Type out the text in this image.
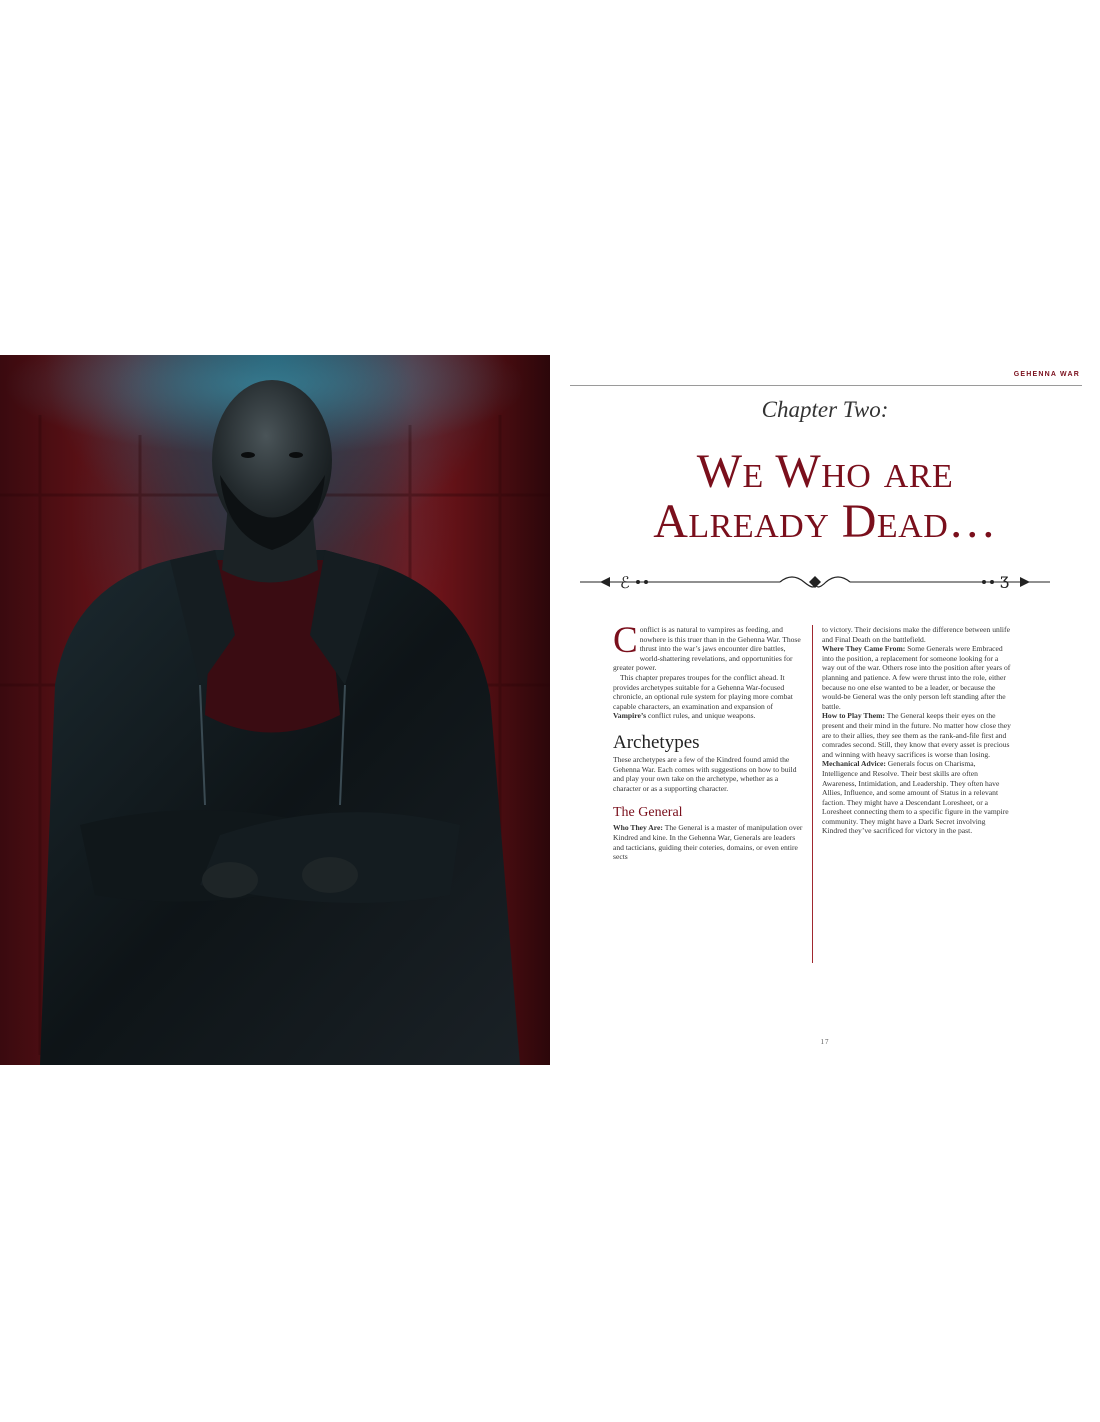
GEHENNA WAR
Chapter Two:
We Who are
Already Dead…
ℰ	Ʒ

Conflict is as natural to vampires as feeding, and nowhere is this truer than in the Gehenna War. Those thrust into the war’s jaws encounter dire battles, world-shattering revelations, and opportunities for greater power.

This chapter prepares troupes for the conflict ahead. It provides archetypes suitable for a Gehenna War-focused chronicle, an optional rule system for playing more combat capable characters, an examination and expansion of Vampire’s conflict rules, and unique weapons.

Archetypes

These archetypes are a few of the Kindred found amid the Gehenna War. Each comes with suggestions on how to build and play your own take on the archetype, whether as a character or as a supporting character.

The General

Who They Are: The General is a master of manipulation over Kindred and kine. In the Gehenna War, Generals are leaders and tacticians, guiding their coteries, domains, or even entire sects

to victory. Their decisions make the difference between unlife and Final Death on the battlefield.

Where They Came From: Some Generals were Embraced into the position, a replacement for someone looking for a way out of the war. Others rose into the position after years of planning and patience. A few were thrust into the role, either because no one else wanted to be a leader, or because the would-be General was the only person left standing after the battle.

How to Play Them: The General keeps their eyes on the present and their mind in the future. No matter how close they are to their allies, they see them as the rank-and-file first and comrades second. Still, they know that every asset is precious and winning with heavy sacrifices is worse than losing.

Mechanical Advice: Generals focus on Charisma, Intelligence and Resolve. Their best skills are often Awareness, Intimidation, and Leadership. They often have Allies, Influence, and some amount of Status in a relevant faction. They might have a Descendant Loresheet, or a Loresheet connecting them to a specific figure in the vampire community. They might have a Dark Secret involving Kindred they’ve sacrificed for victory in the past.

17
